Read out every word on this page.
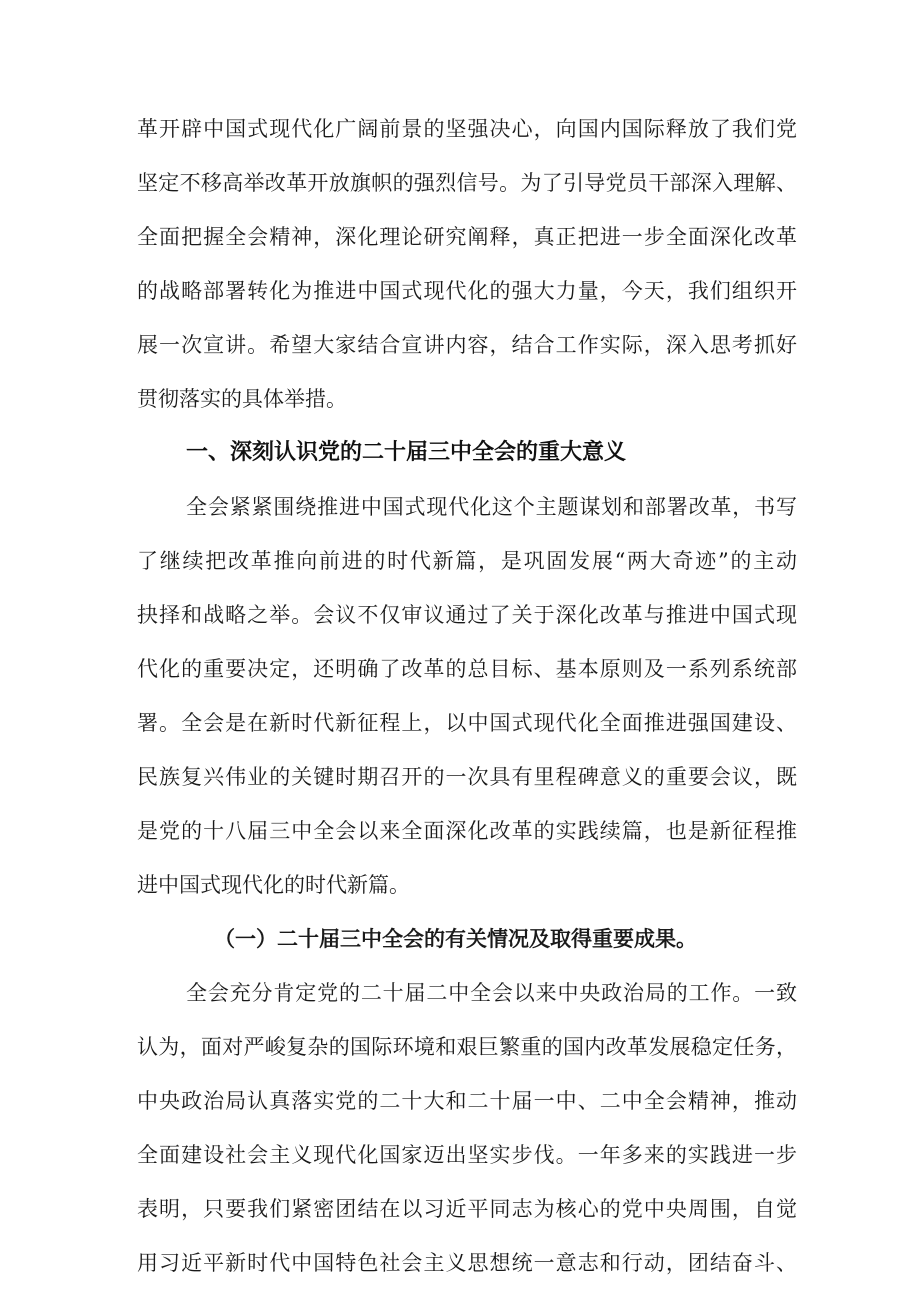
革开辟中国式现代化广阔前景的坚强决心，向国内国际释放了我们党

坚定不移高举改革开放旗帜的强烈信号。为了引导党员干部深入理解、

全面把握全会精神，深化理论研究阐释，真正把进一步全面深化改革

的战略部署转化为推进中国式现代化的强大力量，今天，我们组织开

展一次宣讲。希望大家结合宣讲内容，结合工作实际，深入思考抓好

贯彻落实的具体举措。

一、深刻认识党的二十届三中全会的重大意义

全会紧紧围绕推进中国式现代化这个主题谋划和部署改革，书写

了继续把改革推向前进的时代新篇，是巩固发展“两大奇迹”的主动

抉择和战略之举。会议不仅审议通过了关于深化改革与推进中国式现

代化的重要决定，还明确了改革的总目标、基本原则及一系列系统部

署。全会是在新时代新征程上，以中国式现代化全面推进强国建设、

民族复兴伟业的关键时期召开的一次具有里程碑意义的重要会议，既

是党的十八届三中全会以来全面深化改革的实践续篇，也是新征程推

进中国式现代化的时代新篇。

（一）二十届三中全会的有关情况及取得重要成果。

全会充分肯定党的二十届二中全会以来中央政治局的工作。一致

认为，面对严峻复杂的国际环境和艰巨繁重的国内改革发展稳定任务，

中央政治局认真落实党的二十大和二十届一中、二中全会精神，推动

全面建设社会主义现代化国家迈出坚实步伐。一年多来的实践进一步

表明，只要我们紧密团结在以习近平同志为核心的党中央周围，自觉

用习近平新时代中国特色社会主义思想统一意志和行动，团结奋斗、
